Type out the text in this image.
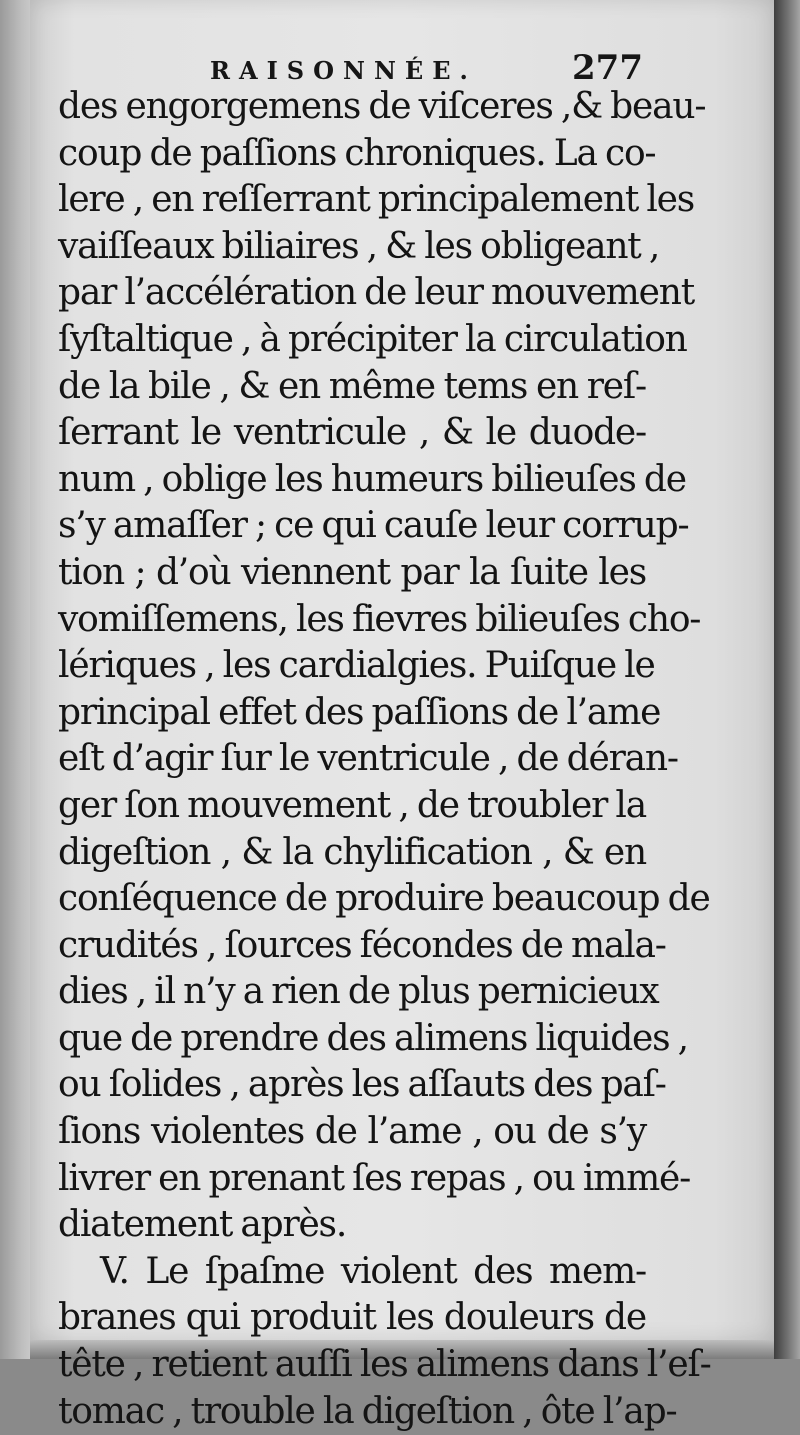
RAISONNÉE.	277
des engorgemens de viſceres ,& beau-
coup de paſſions chroniques. La co-
lere , en reſſerrant principalement les
vaiſſeaux biliaires , & les obligeant ,
par l’accélération de leur mouvement
ſyſtaltique , à précipiter la circulation
de la bile , & en même tems en reſ-
ſerrant le ventricule , & le duode-
num , oblige les humeurs bilieuſes de
s’y amaſſer ; ce qui cauſe leur corrup-
tion ; d’où viennent par la ſuite les
vomiſſemens, les fievres bilieuſes cho-
lériques , les cardialgies. Puiſque le
principal effet des paſſions de l’ame
eſt d’agir ſur le ventricule , de déran-
ger ſon mouvement , de troubler la
digeſtion , & la chylification , & en
conſéquence de produire beaucoup de
crudités , ſources fécondes de mala-
dies , il n’y a rien de plus pernicieux
que de prendre des alimens liquides ,
ou ſolides , après les aſſauts des paſ-
ſions violentes de l’ame , ou de s’y
livrer en prenant ſes repas , ou immé-
diatement après.
V. Le ſpaſme violent des mem-
branes qui produit les douleurs de
tête , retient auſſi les alimens dans l’eſ-
tomac , trouble la digeſtion , ôte l’ap-
